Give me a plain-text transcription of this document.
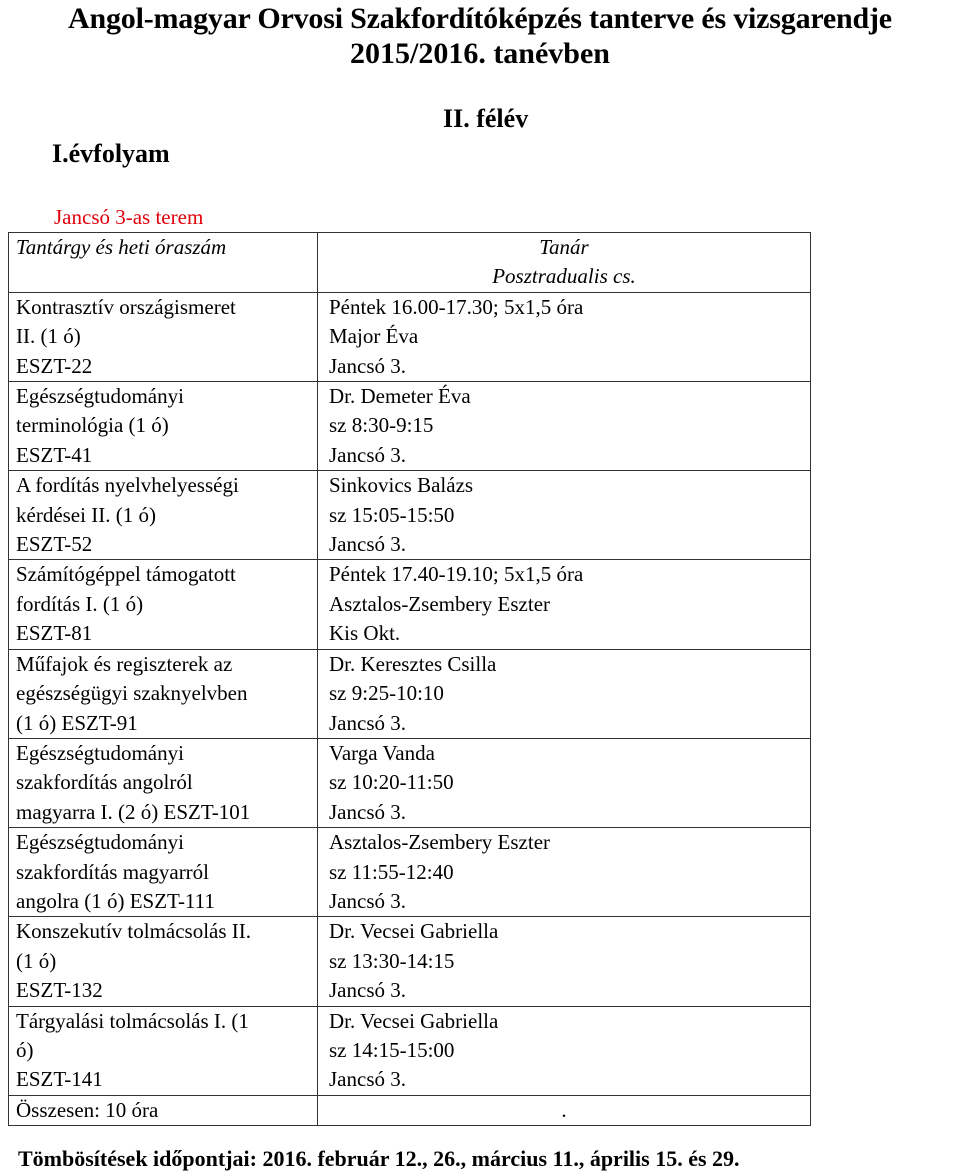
Angol-magyar Orvosi Szakfordítóképzés tanterve és vizsgarendje
2015/2016. tanévben
II. félév
I.évfolyam
Jancsó 3-as terem
Tantárgy és heti óraszám	Tanár
Posztradualis cs.

Kontrasztív országismeret
II. (1 ó)
ESZT-22	Péntek 16.00-17.30; 5x1,5 óra
Major Éva
Jancsó 3.

Egészségtudományi
terminológia (1 ó)
ESZT-41	Dr. Demeter Éva
sz 8:30-9:15
Jancsó 3.

A fordítás nyelvhelyességi
kérdései II. (1 ó)
ESZT-52	Sinkovics Balázs
sz 15:05-15:50
Jancsó 3.

Számítógéppel támogatott
fordítás I. (1 ó)
ESZT-81	Péntek 17.40-19.10; 5x1,5 óra
Asztalos-Zsembery Eszter
Kis Okt.

Műfajok és regiszterek az
egészségügyi szaknyelvben
(1 ó) ESZT-91	Dr. Keresztes Csilla
sz 9:25-10:10
Jancsó 3.

Egészségtudományi
szakfordítás angolról
magyarra I. (2 ó) ESZT-101	Varga Vanda
sz 10:20-11:50
Jancsó 3.

Egészségtudományi
szakfordítás magyarról
angolra (1 ó) ESZT-111	Asztalos-Zsembery Eszter
sz 11:55-12:40
Jancsó 3.

Konszekutív tolmácsolás II.
(1 ó)
ESZT-132	Dr. Vecsei Gabriella
sz 13:30-14:15
Jancsó 3.

Tárgyalási tolmácsolás I. (1
ó)
ESZT-141	Dr. Vecsei Gabriella
sz 14:15-15:00
Jancsó 3.

Összesen: 10 óra	.
Tömbösítések időpontjai: 2016. február 12., 26., március 11., április 15. és 29.
